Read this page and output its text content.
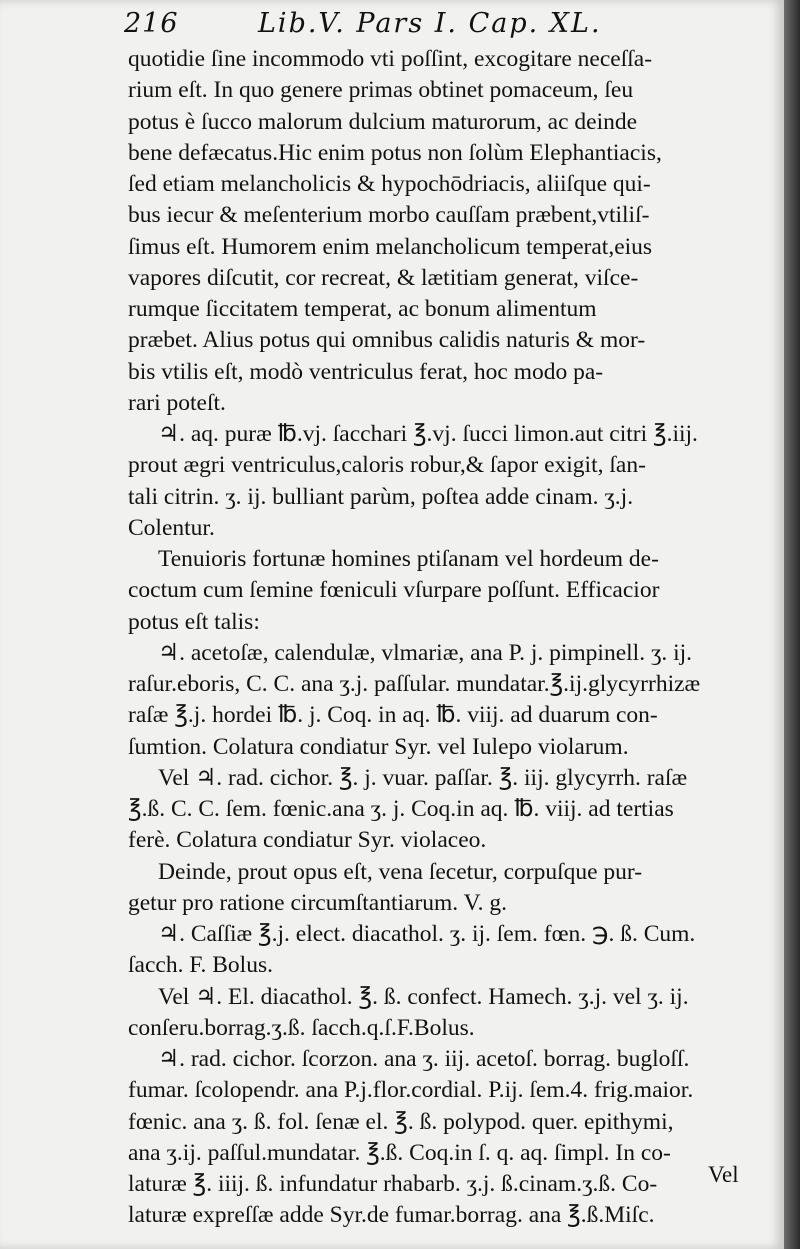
216	Lib.V. Pars I. Cap. XL.
quotidie ſine incommodo vti poſſint, excogitare neceſſa-
rium eſt. In quo genere primas obtinet pomaceum, ſeu
potus è ſucco malorum dulcium maturorum, ac deinde
bene defæcatus.Hic enim potus non ſolùm Elephantiacis,
ſed etiam melancholicis & hypochōdriacis, aliiſque qui-
bus iecur & meſenterium morbo cauſſam præbent,vtiliſ-
ſimus eſt. Humorem enim melancholicum temperat,eius
vapores diſcutit, cor recreat, & lætitiam generat, viſce-
rumque ſiccitatem temperat, ac bonum alimentum
præbet. Alius potus qui omnibus calidis naturis & mor-
bis vtilis eſt, modò ventriculus ferat, hoc modo pa-
rari poteſt.
♃. aq. puræ ℔.vj. ſacchari ℥.vj. ſucci limon.aut citri ℥.iij.
prout ægri ventriculus,caloris robur,& ſapor exigit, ſan-
tali citrin. ʒ. ij. bulliant parùm, poſtea adde cinam. ʒ.j.
Colentur.
Tenuioris fortunæ homines ptiſanam vel hordeum de-
coctum cum ſemine fœniculi vſurpare poſſunt. Efficacior
potus eſt talis:
♃. acetoſæ, calendulæ, vlmariæ, ana P. j. pimpinell. ʒ. ij.
raſur.eboris, C. C. ana ʒ.j. paſſular. mundatar.℥.ij.glycyrrhizæ
raſæ ℥.j. hordei ℔. j. Coq. in aq. ℔. viij. ad duarum con-
ſumtion. Colatura condiatur Syr. vel Iulepo violarum.
Vel ♃. rad. cichor. ℥. j. vuar. paſſar. ℥. iij. glycyrrh. raſæ
℥.ß. C. C. ſem. fœnic.ana ʒ. j. Coq.in aq. ℔. viij. ad tertias
ferè. Colatura condiatur Syr. violaceo.
Deinde, prout opus eſt, vena ſecetur, corpuſque pur-
getur pro ratione circumſtantiarum. V. g.
♃. Caſſiæ ℥.j. elect. diacathol. ʒ. ij. ſem. fœn. ℈. ß. Cum.
ſacch. F. Bolus.
Vel ♃. El. diacathol. ℥. ß. confect. Hamech. ʒ.j. vel ʒ. ij.
conſeru.borrag.ʒ.ß. ſacch.q.ſ.F.Bolus.
♃. rad. cichor. ſcorzon. ana ʒ. iij. acetoſ. borrag. bugloſſ.
fumar. ſcolopendr. ana P.j.flor.cordial. P.ij. ſem.4. frig.maior.
fœnic. ana ʒ. ß. fol. ſenæ el. ℥. ß. polypod. quer. epithymi,
ana ʒ.ij. paſſul.mundatar. ℥.ß. Coq.in ſ. q. aq. ſimpl. In co-
laturæ ℥. iiij. ß. infundatur rhabarb. ʒ.j. ß.cinam.ʒ.ß. Co-
laturæ expreſſæ adde Syr.de fumar.borrag. ana ℥.ß.Miſc.
Vel
